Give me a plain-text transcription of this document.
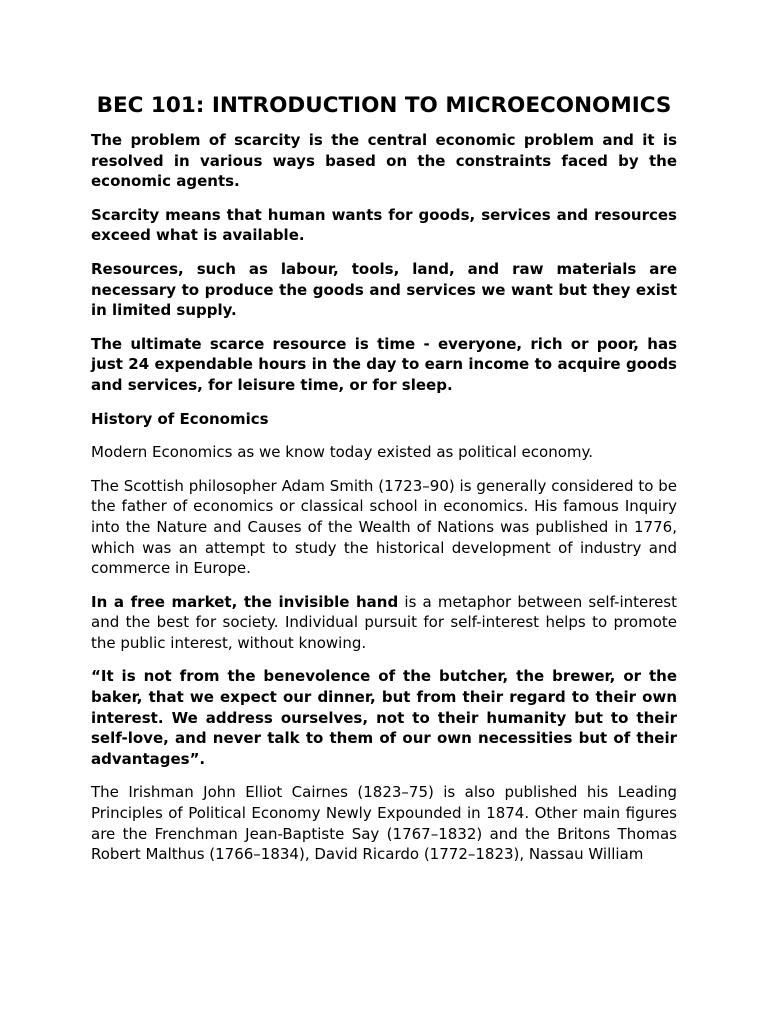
BEC 101: INTRODUCTION TO MICROECONOMICS

The problem of scarcity is the central economic problem and it is resolved in various ways based on the constraints faced by the economic agents.

Scarcity means that human wants for goods, services and resources exceed what is available.

Resources, such as labour, tools, land, and raw materials are necessary to produce the goods and services we want but they exist in limited supply.

The ultimate scarce resource is time - everyone, rich or poor, has just 24 expendable hours in the day to earn income to acquire goods and services, for leisure time, or for sleep.

History of Economics

Modern Economics as we know today existed as political economy.

The Scottish philosopher Adam Smith (1723–90) is generally considered to be the father of economics or classical school in economics. His famous Inquiry into the Nature and Causes of the Wealth of Nations was published in 1776, which was an attempt to study the historical development of industry and commerce in Europe.

In a free market, the invisible hand is a metaphor between self-interest and the best for society. Individual pursuit for self-interest helps to promote the public interest, without knowing.

“It is not from the benevolence of the butcher, the brewer, or the baker, that we expect our dinner, but from their regard to their own interest. We address ourselves, not to their humanity but to their self-love, and never talk to them of our own necessities but of their advantages”.

The Irishman John Elliot Cairnes (1823–75) is also published his Leading Principles of Political Economy Newly Expounded in 1874. Other main figures are the Frenchman Jean-Baptiste Say (1767–1832) and the Britons Thomas Robert Malthus (1766–1834), David Ricardo (1772–1823), Nassau William
